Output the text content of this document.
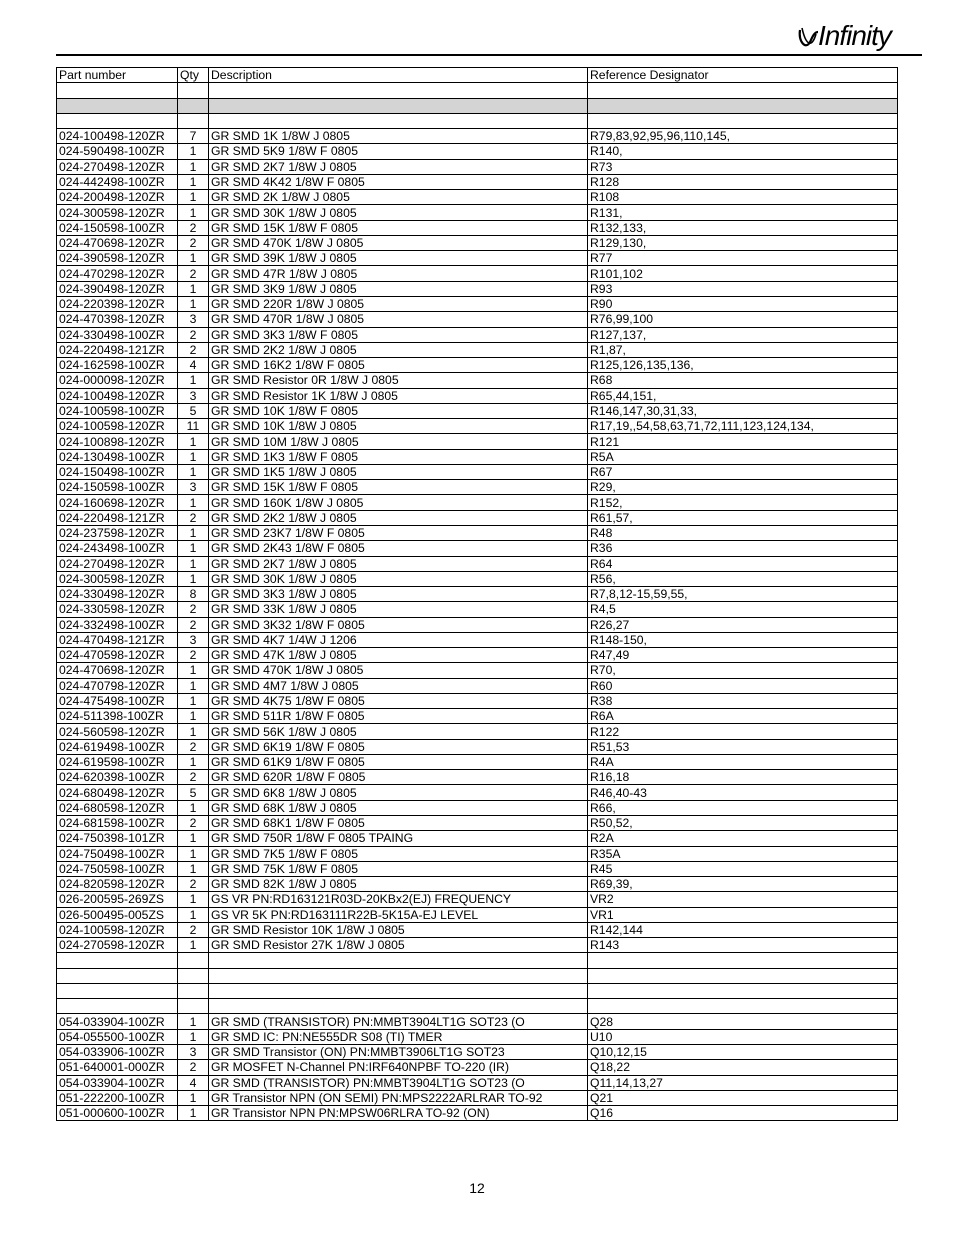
Infinity
Part number	Qty	Description	Reference Designator

024-100498-120ZR	7	GR SMD 1K 1/8W J 0805	R79,83,92,95,96,110,145,
024-590498-100ZR	1	GR SMD 5K9 1/8W F 0805	R140,
024-270498-120ZR	1	GR SMD 2K7 1/8W J 0805	R73
024-442498-100ZR	1	GR SMD 4K42 1/8W F 0805	R128
024-200498-120ZR	1	GR SMD 2K 1/8W J 0805	R108
024-300598-120ZR	1	GR SMD 30K 1/8W J 0805	R131,
024-150598-100ZR	2	GR SMD 15K 1/8W F 0805	R132,133,
024-470698-120ZR	2	GR SMD 470K 1/8W J 0805	R129,130,
024-390598-120ZR	1	GR SMD 39K 1/8W J 0805	R77
024-470298-120ZR	2	GR SMD 47R 1/8W J 0805	R101,102
024-390498-120ZR	1	GR SMD 3K9 1/8W J 0805	R93
024-220398-120ZR	1	GR SMD 220R 1/8W J 0805	R90
024-470398-120ZR	3	GR SMD 470R 1/8W J 0805	R76,99,100
024-330498-100ZR	2	GR SMD 3K3 1/8W F 0805	R127,137,
024-220498-121ZR	2	GR SMD 2K2 1/8W J 0805	R1,87,
024-162598-100ZR	4	GR SMD 16K2 1/8W F 0805	R125,126,135,136,
024-000098-120ZR	1	GR SMD Resistor 0R 1/8W J 0805	R68
024-100498-120ZR	3	GR SMD Resistor 1K 1/8W J 0805	R65,44,151,
024-100598-100ZR	5	GR SMD 10K 1/8W F 0805	R146,147,30,31,33,
024-100598-120ZR	11	GR SMD 10K 1/8W J 0805	R17,19,,54,58,63,71,72,111,123,124,134,
024-100898-120ZR	1	GR SMD 10M 1/8W J 0805	R121
024-130498-100ZR	1	GR SMD 1K3 1/8W F 0805	R5A
024-150498-100ZR	1	GR SMD 1K5 1/8W J 0805	R67
024-150598-100ZR	3	GR SMD 15K 1/8W F 0805	R29,
024-160698-120ZR	1	GR SMD 160K 1/8W J 0805	R152,
024-220498-121ZR	2	GR SMD 2K2 1/8W J 0805	R61,57,
024-237598-120ZR	1	GR SMD 23K7 1/8W F 0805	R48
024-243498-100ZR	1	GR SMD 2K43 1/8W F 0805	R36
024-270498-120ZR	1	GR SMD 2K7 1/8W J 0805	R64
024-300598-120ZR	1	GR SMD 30K 1/8W J 0805	R56,
024-330498-120ZR	8	GR SMD 3K3 1/8W J 0805	R7,8,12-15,59,55,
024-330598-120ZR	2	GR SMD 33K 1/8W J 0805	R4,5
024-332498-100ZR	2	GR SMD 3K32 1/8W F 0805	R26,27
024-470498-121ZR	3	GR SMD 4K7 1/4W J 1206	R148-150,
024-470598-120ZR	2	GR SMD 47K 1/8W J 0805	R47,49
024-470698-120ZR	1	GR SMD 470K 1/8W J 0805	R70,
024-470798-120ZR	1	GR SMD 4M7 1/8W J 0805	R60
024-475498-100ZR	1	GR SMD 4K75 1/8W F 0805	R38
024-511398-100ZR	1	GR SMD 511R 1/8W F 0805	R6A
024-560598-120ZR	1	GR SMD 56K 1/8W J 0805	R122
024-619498-100ZR	2	GR SMD 6K19 1/8W F 0805	R51,53
024-619598-100ZR	1	GR SMD 61K9 1/8W F 0805	R4A
024-620398-100ZR	2	GR SMD 620R 1/8W F 0805	R16,18
024-680498-120ZR	5	GR SMD 6K8 1/8W J 0805	R46,40-43
024-680598-120ZR	1	GR SMD 68K 1/8W J 0805	R66,
024-681598-100ZR	2	GR SMD 68K1 1/8W F 0805	R50,52,
024-750398-101ZR	1	GR SMD 750R 1/8W F 0805 TPAING	R2A
024-750498-100ZR	1	GR SMD 7K5 1/8W F 0805	R35A
024-750598-100ZR	1	GR SMD 75K 1/8W F 0805	R45
024-820598-120ZR	2	GR SMD 82K 1/8W J 0805	R69,39,
026-200595-269ZS	1	GS VR PN:RD163121R03D-20KBx2(EJ) FREQUENCY	VR2
026-500495-005ZS	1	GS VR 5K PN:RD163111R22B-5K15A-EJ LEVEL	VR1
024-100598-120ZR	2	GR SMD Resistor 10K 1/8W J 0805	R142,144
024-270598-120ZR	1	GR SMD Resistor 27K 1/8W J 0805	R143

054-033904-100ZR	1	GR SMD (TRANSISTOR) PN:MMBT3904LT1G SOT23 (O	Q28
054-055500-100ZR	1	GR SMD IC: PN:NE555DR S08 (TI) TMER	U10
054-033906-100ZR	3	GR SMD Transistor (ON) PN:MMBT3906LT1G SOT23	Q10,12,15
051-640001-000ZR	2	GR MOSFET N-Channel PN:IRF640NPBF TO-220 (IR)	Q18,22
054-033904-100ZR	4	GR SMD (TRANSISTOR) PN:MMBT3904LT1G SOT23 (O	Q11,14,13,27
051-222200-100ZR	1	GR Transistor NPN (ON SEMI) PN:MPS2222ARLRAR TO-92	Q21
051-000600-100ZR	1	GR Transistor NPN PN:MPSW06RLRA TO-92 (ON)	Q16
12
